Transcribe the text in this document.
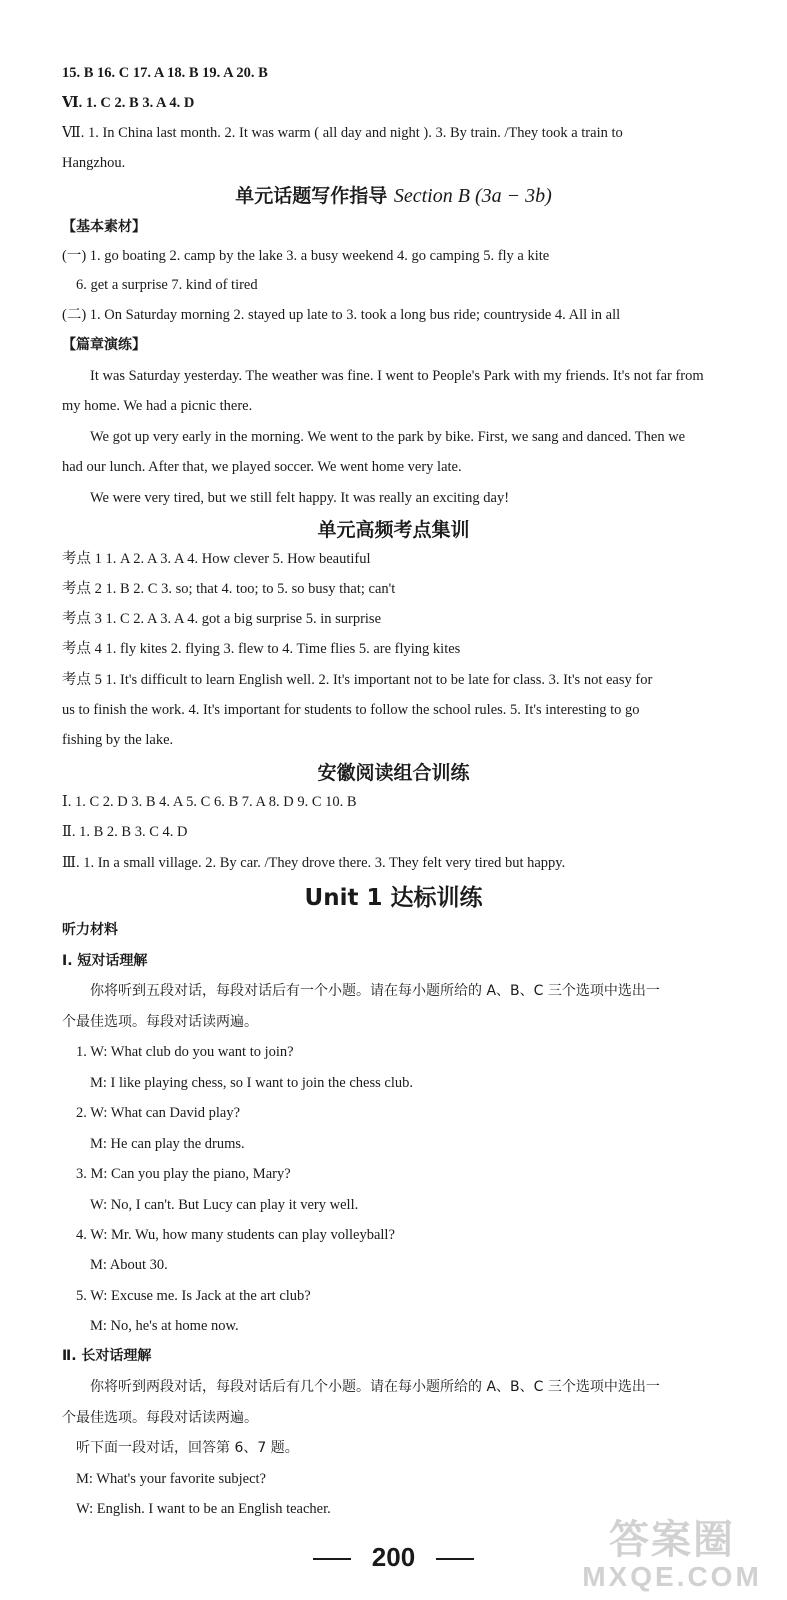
15. B 16. C 17. A 18. B 19. A 20. B
Ⅵ. 1. C 2. B 3. A 4. D
Ⅶ. 1. In China last month. 2. It was warm ( all day and night ). 3. By train. /They took a train to
Hangzhou.
单元话题写作指导 Section B (3a − 3b)
【基本素材】
(一) 1. go boating 2. camp by the lake 3. a busy weekend 4. go camping 5. fly a kite
6. get a surprise 7. kind of tired
(二) 1. On Saturday morning 2. stayed up late to 3. took a long bus ride; countryside 4. All in all
【篇章演练】
It was Saturday yesterday. The weather was fine. I went to People's Park with my friends. It's not far from
my home. We had a picnic there.
We got up very early in the morning. We went to the park by bike. First, we sang and danced. Then we
had our lunch. After that, we played soccer. We went home very late.
We were very tired, but we still felt happy. It was really an exciting day!
单元高频考点集训
考点 1 1. A 2. A 3. A 4. How clever 5. How beautiful
考点 2 1. B 2. C 3. so; that 4. too; to 5. so busy that; can't
考点 3 1. C 2. A 3. A 4. got a big surprise 5. in surprise
考点 4 1. fly kites 2. flying 3. flew to 4. Time flies 5. are flying kites
考点 5 1. It's difficult to learn English well. 2. It's important not to be late for class. 3. It's not easy for
us to finish the work. 4. It's important for students to follow the school rules. 5. It's interesting to go
fishing by the lake.
安徽阅读组合训练
Ⅰ. 1. C 2. D 3. B 4. A 5. C 6. B 7. A 8. D 9. C 10. B
Ⅱ. 1. B 2. B 3. C 4. D
Ⅲ. 1. In a small village. 2. By car. /They drove there. 3. They felt very tired but happy.
Unit 1 达标训练
听力材料
Ⅰ. 短对话理解
你将听到五段对话，每段对话后有一个小题。请在每小题所给的 A、B、C 三个选项中选出一
个最佳选项。每段对话读两遍。
1. W: What club do you want to join?
M: I like playing chess, so I want to join the chess club.
2. W: What can David play?
M: He can play the drums.
3. M: Can you play the piano, Mary?
W: No, I can't. But Lucy can play it very well.
4. W: Mr. Wu, how many students can play volleyball?
M: About 30.
5. W: Excuse me. Is Jack at the art club?
M: No, he's at home now.
Ⅱ. 长对话理解
你将听到两段对话，每段对话后有几个小题。请在每小题所给的 A、B、C 三个选项中选出一
个最佳选项。每段对话读两遍。
听下面一段对话，回答第 6、7 题。
M: What's your favorite subject?
W: English. I want to be an English teacher.
200	答案圈
MXQE.COM
